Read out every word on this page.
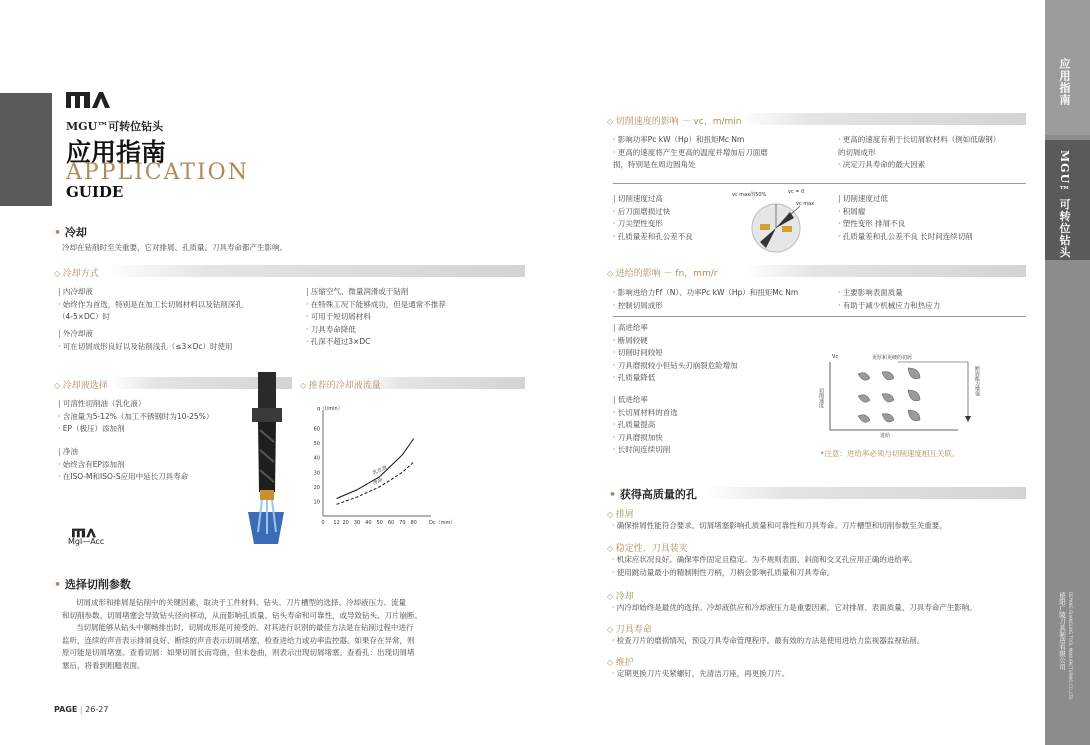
MGU™可转位钻头
应用指南
APPLICATION
GUIDE
• 冷却
冷却在钻削时至关重要，它对排屑、孔质量、刀具寿命都产生影响。
◇ 冷却方式
| 内冷却液
· 始终作为首选，特别是在加工长切屑材料以及钻削深孔
（4-5×DC）时
| 外冷却液
· 可在切屑成形良好以及钻削浅孔（≤3×Dc）时使用
| 压缩空气、微量润滑或干钻削
· 在特殊工况下能够成功，但是通常不推荐
· 可用于短切屑材料
· 刀具寿命降低
· 孔深不超过3×DC
◇ 冷却液选择	◇ 推荐的冷却液流量
| 可溶性切削油（乳化液）
· 含油量为5-12%（加工不锈钢时为10-25%）
· EP（极压）添加剂
| 净油
· 始终含有EP添加剂
· 在ISO-M和ISO-S应用中延长刀具寿命
10
20
30
40
50
60
0 12 20 30 40 50 60 70 80
q（l/min）
Dc（mm）
乳化液
净油
Mgl—Acc
• 选择切削参数
切屑成形和排屑是钻削中的关键因素，取决于工件材料、钻头、刀片槽型的选择、冷却液压力、流量
和切削参数。切屑堵塞会导致钻头径向移动，从而影响孔质量、钻头寿命和可靠性，或导致钻头、刀片崩断。
当切屑能够从钻头中顺畅排出时，切屑成形是可接受的。对其进行识别的最佳方法是在钻削过程中进行
监听，连续的声音表示排屑良好，断续的声音表示切屑堵塞，检查进给力或功率监控器。如果存在异常，则
原可能是切屑堵塞。查看切屑：如果切屑长而弯曲，但未卷曲，则表示出现切屑堵塞。查看孔：出现切屑堵
塞后，将看到粗糙表面。
PAGE | 26-27
◇ 切削速度的影响 － vc，m/min
· 影响功率Pc kW（Hp）和扭矩Mc Nm
· 更高的速度将产生更高的温度并增加后刀面磨
损，特别是在周边圆角处
· 更高的速度有利于长切屑软材料（例如低碳钢）
的切屑成形
· 决定刀具寿命的最大因素
| 切削速度过高
· 后刀面磨损过快
· 刀尖塑性变形
· 孔质量差和孔公差不良
vc max的50%	vc = 0
vc max
| 切削速度过低
· 积屑瘤
· 塑性变形 排屑不良
· 孔质量差和孔公差不良 长时间连续切削
◇ 进给的影响 － fn，mm/r
· 影响进给力Ff（N）、功率Pc kW（Hp）和扭矩Mc Nm
· 控制切屑成形
· 主要影响表面质量
· 有助于减少机械应力和热应力
| 高进给率
· 断屑较硬
· 切削时间较短
· 刀具磨损较小但钻头刃崩裂危险增加
· 孔质量降低
| 低进给率
· 长切屑材料的首选
· 孔质量提高
· 刀具磨损加快
· 长时间连续切削
Vc	更厚和更硬的切屑
切削速度
断屑能力增强
进给
•注意：进给率必须与切削速度相互关联。
• 获得高质量的孔
◇ 排屑
· 确保排屑性能符合要求。切屑堵塞影响孔质量和可靠性和刀具寿命。刀片槽型和切削参数至关重要。
◇ 稳定性、刀具装夹
· 机床应状况良好。确保零件固定且稳定。为不规则表面、斜面和交叉孔应用正确的进给率。
· 使用跳动量最小的精制刚性刀柄，刀柄会影响孔质量和刀具寿命。
◇ 冷却
· 内冷却始终是最优的选择。冷却液供应和冷却液压力是重要因素，它对排屑、表面质量、刀具寿命产生影响。
◇ 刀具寿命
· 检查刀片的磨损情况，预设刀具寿命管理程序。最有效的方法是使用进给力监视器监视钻削。
◇ 维护
· 定期更换刀片夹紧螺钉，先清洁刀座，再更换刀片。
应用指南
MGU™可转位钻头
德阳广陵刀具制造有限公司 DEYANG GUANGLING TOOL MANUFACTURING CO.,LTD
